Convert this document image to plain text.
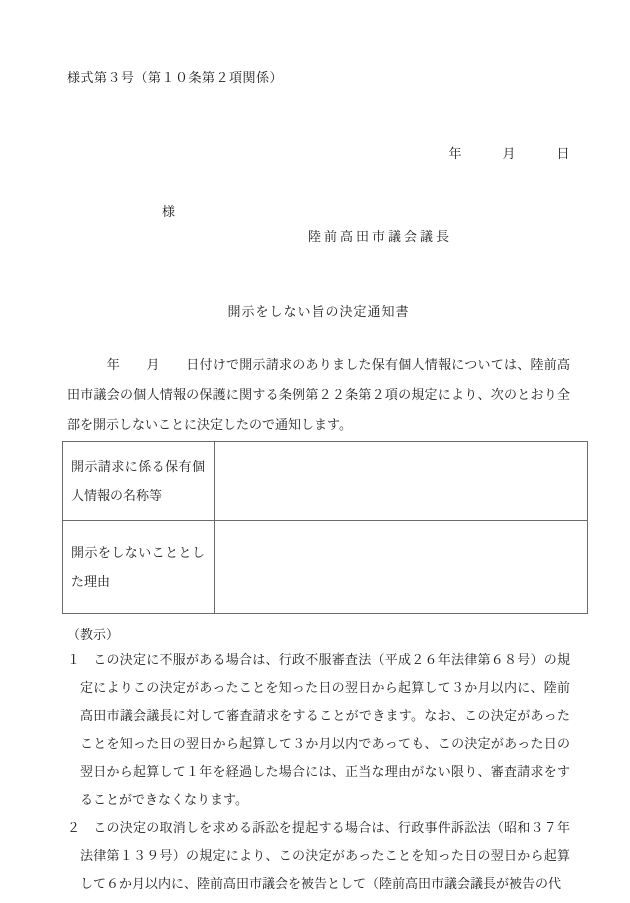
様式第３号（第１０条第２項関係）
年　　　月　　　日
様
陸前高田市議会議長
開示をしない旨の決定通知書
　　　年　　月　　日付けで開示請求のありました保有個人情報については、陸前高田市議会の個人情報の保護に関する条例第２２条第２項の規定により、次のとおり全部を開示しないことに決定したので通知します。
開示請求に係る保有個人情報の名称等	
開示をしないこととした理由	
（教示）
１ この決定に不服がある場合は、行政不服審査法（平成２６年法律第６８号）の規定によりこの決定があったことを知った日の翌日から起算して３か月以内に、陸前高田市議会議長に対して審査請求をすることができます。なお、この決定があったことを知った日の翌日から起算して３か月以内であっても、この決定があった日の翌日から起算して１年を経過した場合には、正当な理由がない限り、審査請求をすることができなくなります。
２ この決定の取消しを求める訴訟を提起する場合は、行政事件訴訟法（昭和３７年法律第１３９号）の規定により、この決定があったことを知った日の翌日から起算して６か月以内に、陸前高田市議会を被告として（陸前高田市議会議長が被告の代
